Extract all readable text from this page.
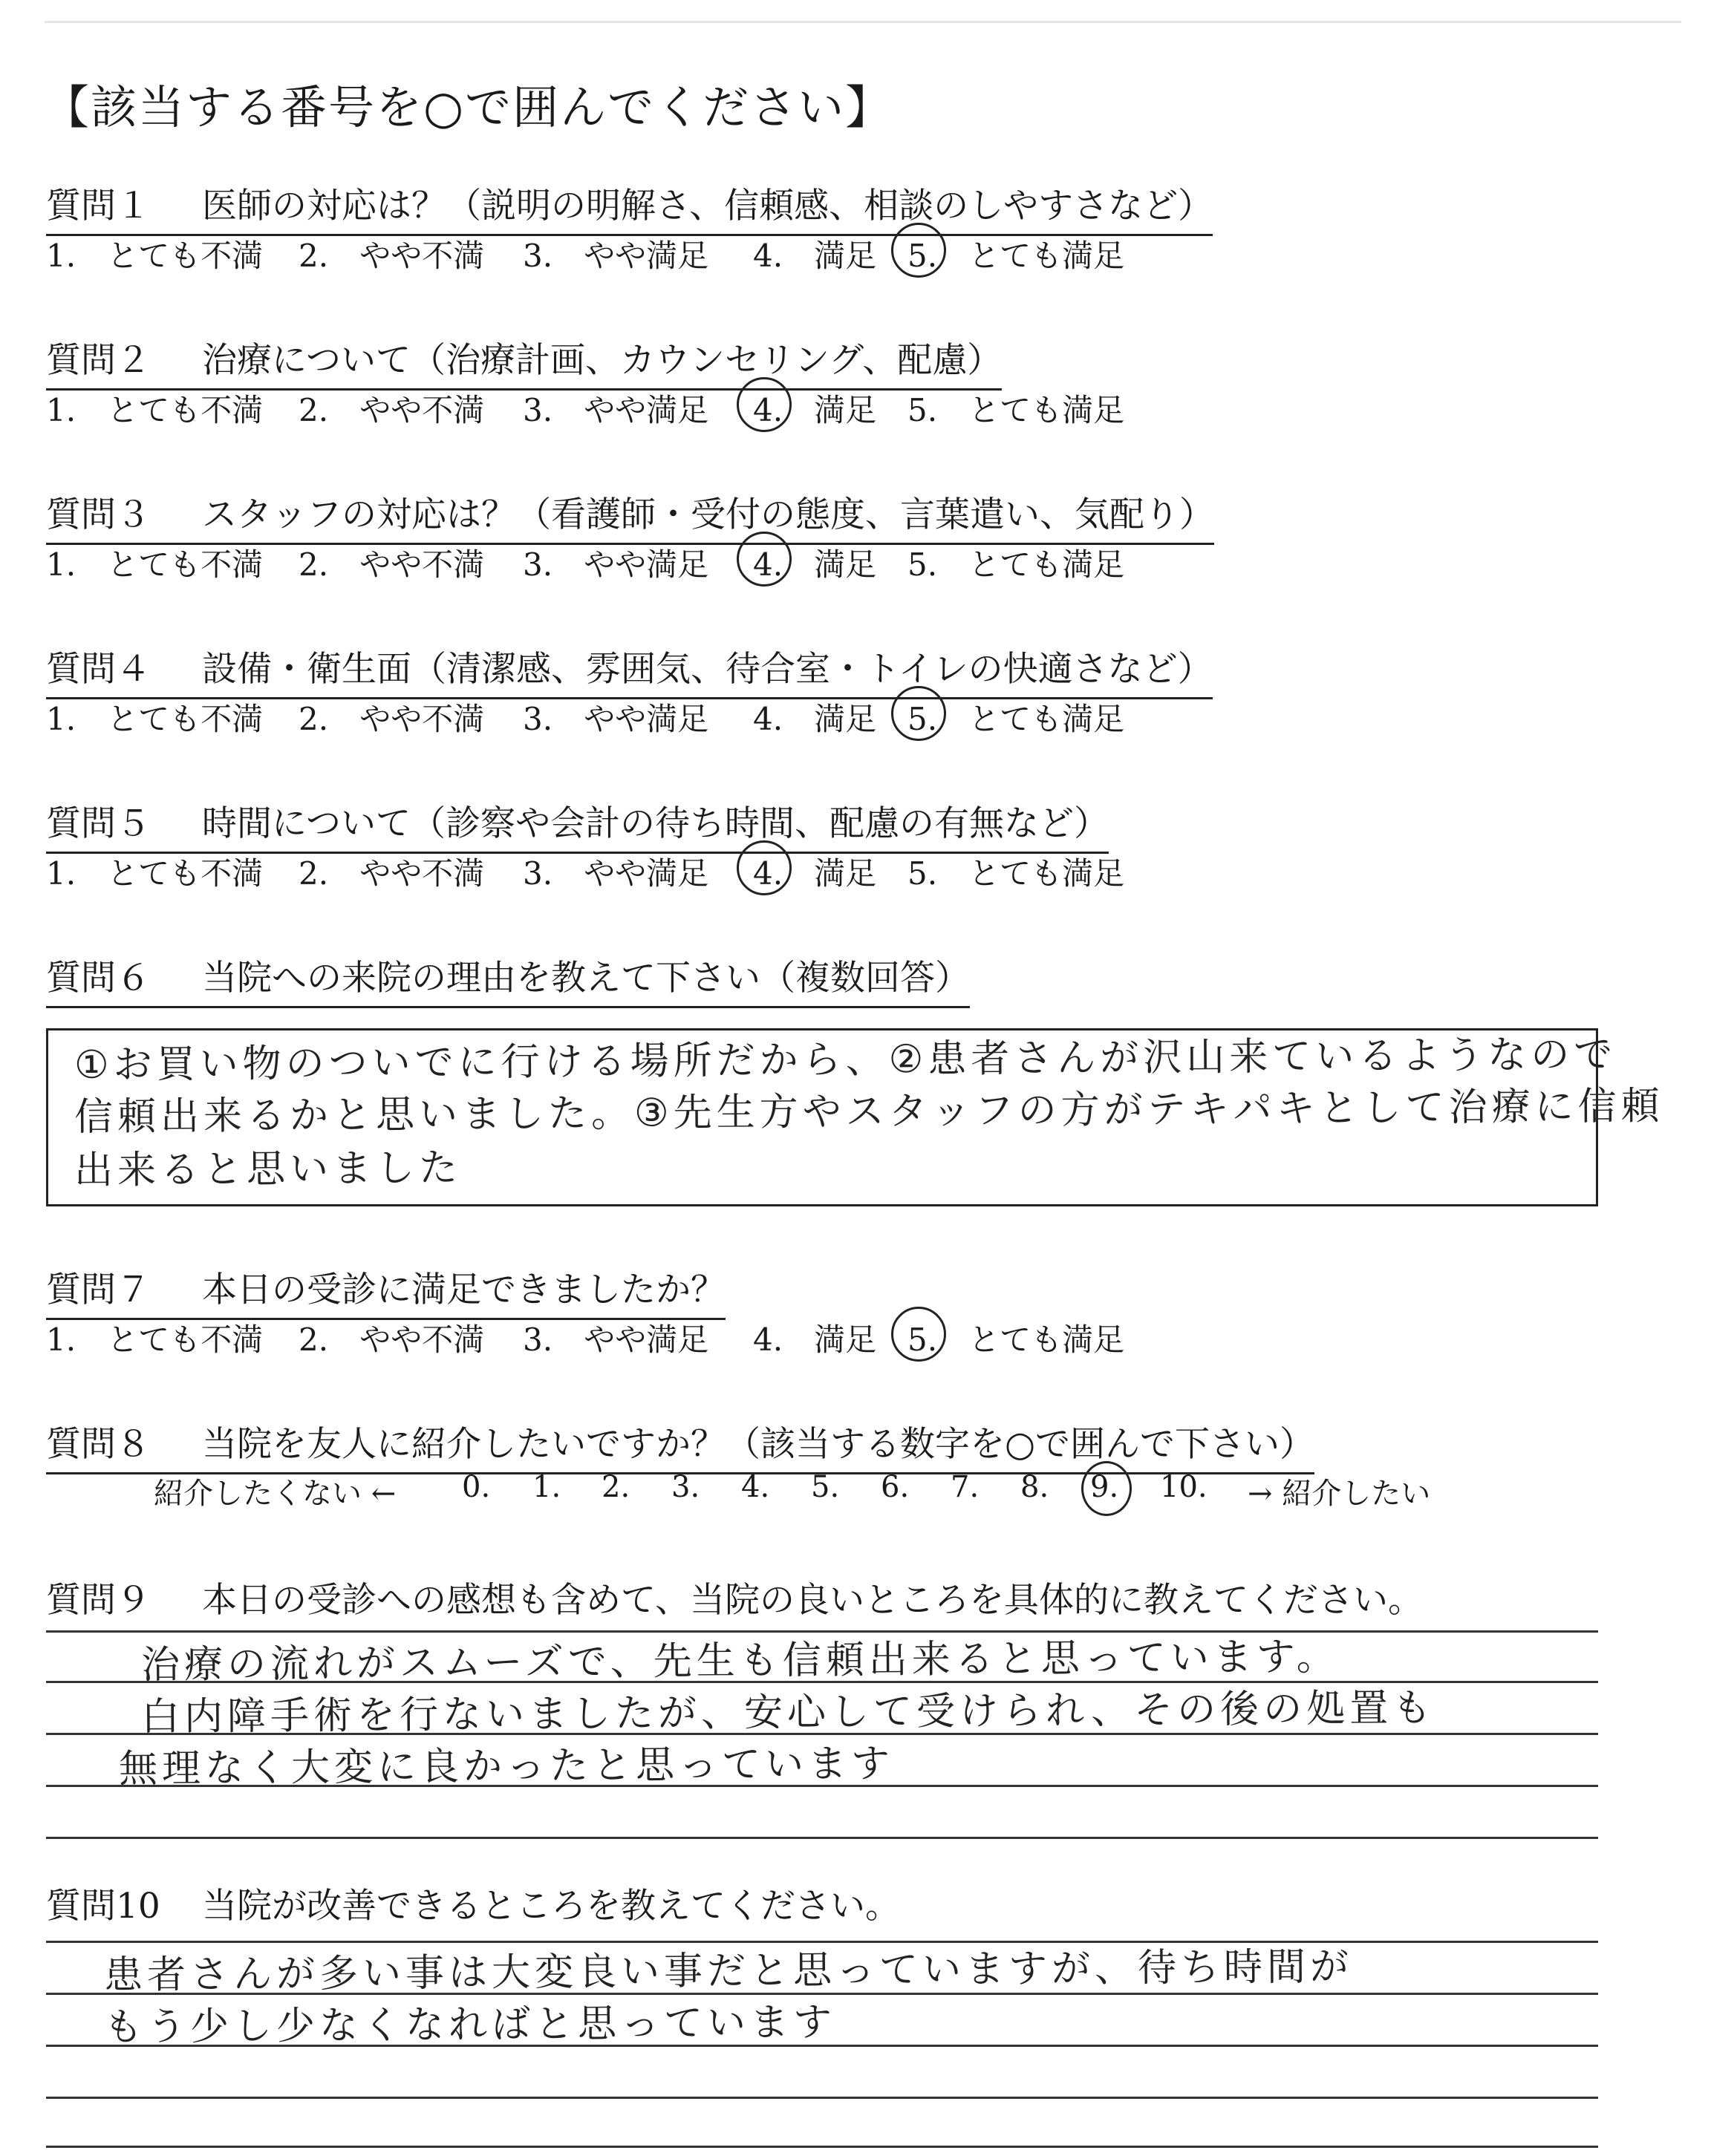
【該当する番号を○で囲んでください】
質問１ 医師の対応は？（説明の明解さ、信頼感、相談のしやすさなど）
1.　とても不満 2.　やや不満 3.　やや満足 4.　満足 5.　とても満足
質問２ 治療について（治療計画、カウンセリング、配慮）
1.　とても不満 2.　やや不満 3.　やや満足 4.　満足 5.　とても満足
質問３ スタッフの対応は？（看護師・受付の態度、言葉遣い、気配り）
1.　とても不満 2.　やや不満 3.　やや満足 4.　満足 5.　とても満足
質問４ 設備・衛生面（清潔感、雰囲気、待合室・トイレの快適さなど）
1.　とても不満 2.　やや不満 3.　やや満足 4.　満足 5.　とても満足
質問５ 時間について（診察や会計の待ち時間、配慮の有無など）
1.　とても不満 2.　やや不満 3.　やや満足 4.　満足 5.　とても満足
質問６ 当院への来院の理由を教えて下さい（複数回答）
①お買い物のついでに行ける場所だから、②患者さんが沢山来ているようなので
信頼出来るかと思いました。③先生方やスタッフの方がテキパキとして治療に信頼
出来ると思いました
質問７ 本日の受診に満足できましたか？
1.　とても不満 2.　やや不満 3.　やや満足 4.　満足 5.　とても満足
質問８ 当院を友人に紹介したいですか？（該当する数字を○で囲んで下さい）
紹介したくない ← 0. 1. 2. 3. 4. 5. 6. 7. 8. 9. 10. → 紹介したい
質問９ 本日の受診への感想も含めて、当院の良いところを具体的に教えてください。
治療の流れがスムーズで、先生も信頼出来ると思っています。
白内障手術を行ないましたが、安心して受けられ、その後の処置も
無理なく大変に良かったと思っています
質問10 当院が改善できるところを教えてください。
患者さんが多い事は大変良い事だと思っていますが、待ち時間が
もう少し少なくなればと思っています
